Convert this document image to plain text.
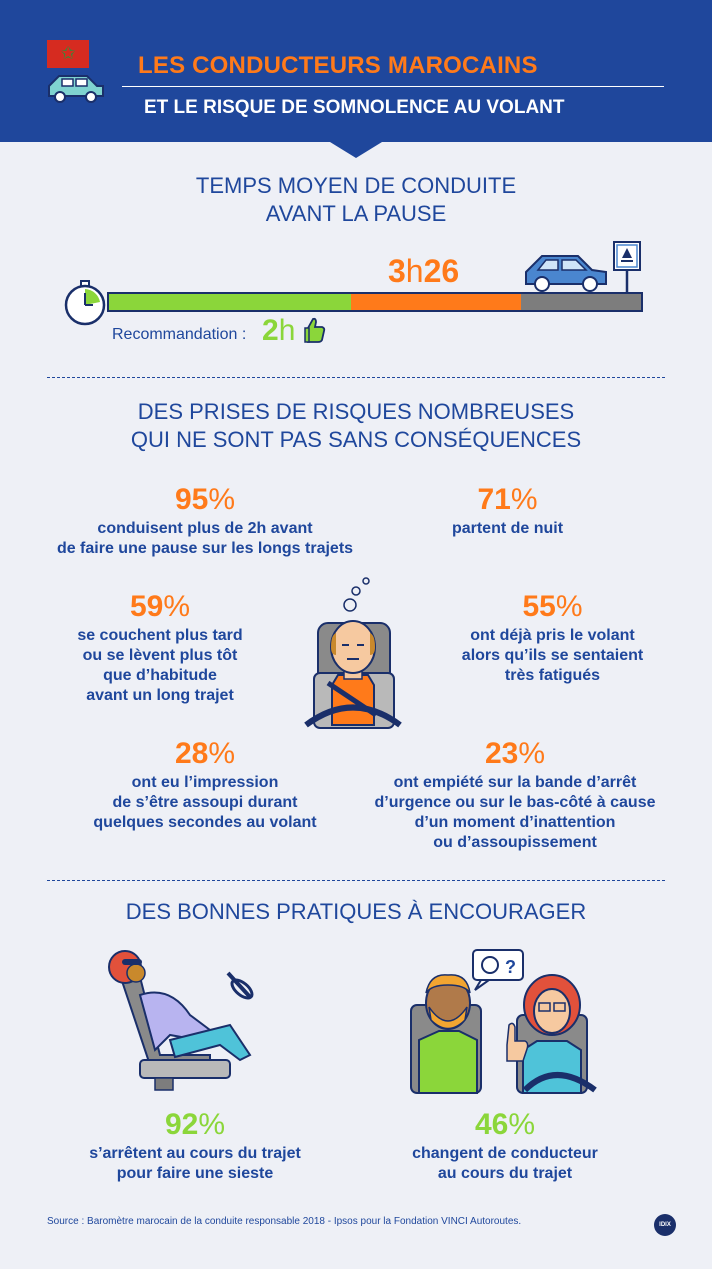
✩	LES CONDUCTEURS MAROCAINS
ET LE RISQUE DE SOMNOLENCE AU VOLANT
TEMPS MOYEN DE CONDUITE
AVANT LA PAUSE
3h26
Recommandation : 2h
DES PRISES DE RISQUES NOMBREUSES
QUI NE SONT PAS SANS CONSÉQUENCES
95%
conduisent plus de 2h avant
de faire une pause sur les longs trajets
71%
partent de nuit
59%
se couchent plus tard
ou se lèvent plus tôt
que d’habitude
avant un long trajet
55%
ont déjà pris le volant
alors qu’ils se sentaient
très fatigués
28%
ont eu l’impression
de s’être assoupi durant
quelques secondes au volant
23%
ont empiété sur la bande d’arrêt
d’urgence ou sur le bas-côté à cause
d’un moment d’inattention
ou d’assoupissement
DES BONNES PRATIQUES À ENCOURAGER
?
92%
s’arrêtent au cours du trajet
pour faire une sieste
46%
changent de conducteur
au cours du trajet
Source : Baromètre marocain de la conduite responsable 2018 - Ipsos pour la Fondation VINCI Autoroutes.	IDIX
